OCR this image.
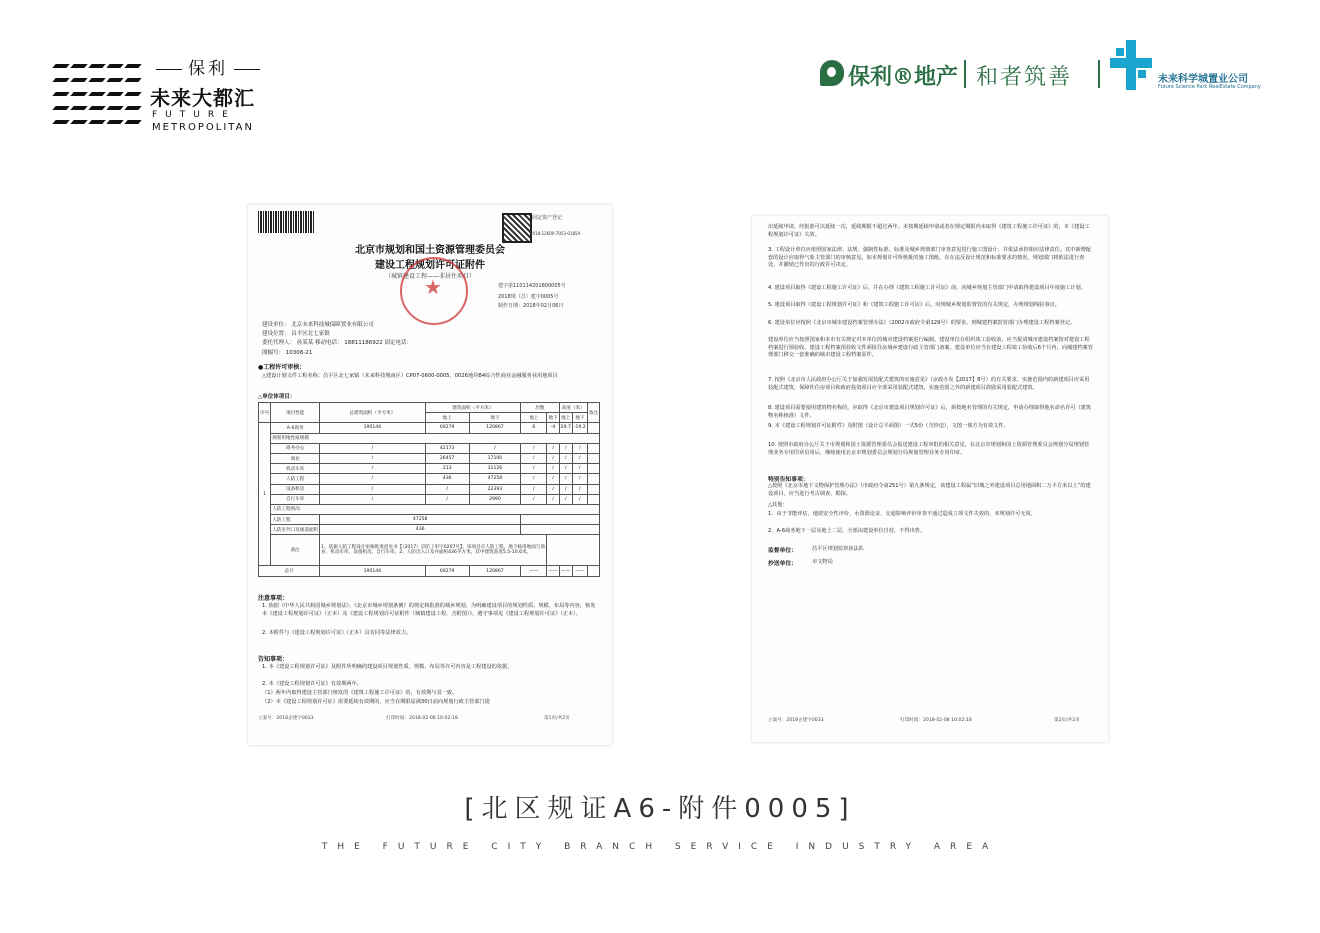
保利
未来大都汇
FUTURE
METROPOLITAN
保利®地产 和者筑善	未来科学城置业公司
Future Science Park RealEstate Company
固定资产登记
2018-12600-7053-0185A
北京市规划和国土资源管理委员会
建设工程规划许可证附件
（城镇建设工程——非居住项目）
★
建字第110114201800005号
2018规（昌）建字0005号
制作日期：2018年02月06日
建设单位： 北京未来科技城保障置业有限公司
建设位置： 昌平区北七家镇
委托代理人： 孙某某 移动电话： 18811186922 固定电话：
图幅号： 10308-21
●工程许可审核：
△建设计划文件工程名称：昌平区北七家镇（未来科技城南区）CP07-0600-0005、0026地块B4综合性商业金融服务业用地项目
△单位体项目：
序号	项目性能	总建筑面积（平方米）	建筑面积（平方米）		层数		高度（米）		备注
			地上	地下	地上	地下	地上	地下	
1	A-6商务	190146	69279	120867	6	-4	29.7	-19.2	
	规划用地性质规模								
	商务办公	/	42173	/	/	/	/	/	
	商业	/	26457	17100	/	/	/	/	
	机动车库	/	213	31126	/	/	/	/	
	人防工程	/	436	47258	/	/	/	/	
	设备机房	/	/	22393	/	/	/	/	
	自行车库	/	/	2990	/	/	/	/	
	人防工程情况：								
	人防工程	47258							
	人防室外口及通道面积	436							
	备注	1、依据人防工程设计审核批准意见书【（2017）京防工审字0207号】，该项目应人防工程。地下核用地面与商业、机动车库、设备机房、自行车库。2、人防出入口及并面积436平方米，其中建筑高度5.5-10.6米。							

总计		190146	69279	120867	——	——	——	——	
注意事项：
1. 依据《中华人民共和国城乡规划法》、《北京市城乡规划条例》的规定和批准的城乡规划，为明确建设项目的规划性质、规模、布局等内容，核发本《建设工程规划许可证》（正本）及《建设工程规划许可证附件（城镇建设工程、含附图）》。遵守事项见《建设工程规划许可证》（正本）。
2. 本附件与《建设工程规划许可证》（正本）具有同等法律效力。
告知事项：
1. 本《建设工程规划许可证》及附件所明确的建设项目规划性质、规模、布局等许可内容是工程建设的依据。
2. 本《建设工程规划许可证》有效期两年。
（1）两年内取得建设主管部门核发的《建筑工程施工许可证》的，有效期与其一致。
（2）本《建设工程规划许可证》需要延续有效期的，应当在期限届满30日前向规划行政主管部门提
立案号：2018企建字0033	打印时间：2018-02-08 10:02:18	第1页/共2页
出延续申请，经批准可以延续一次，延续期限不超过两年。未按期延续申请或者在规定期限内未取得《建筑工程施工许可证》的，本《建设工程规划许可证》失效。
3. 工程设计单位应依照国家法律、法规、强制性标准、标准及城乡规划部门审查意见进行施工图设计，并依法承担相应法律责任。其中新增配套的设计应取得气象主管部门的审核意见。如本规划许可所核批的施工图纸，存在违反设计规范和标准要求的情况，规划部门将依法进行查处，并撤销已作出的行政许可决定。
4. 建设项目取得《建设工程施工许可证》后，并在办理《建筑工程施工许可证》前，向城乡规划主管部门申请取得建设项目年度施工计划。
5. 建设项目取得《建设工程规划许可证》和《建筑工程施工许可证》后，向规城乡规划监督管的有关规定，办理规划线验事宜。
6. 建设单位应按照《北京市城市建设档案管理办法》（2002市政府令第129号）的要求，到城建档案馆管部门办理建设工程档案登记。
建设单位应当按照国家和本市有关规定对本单位的城市建设档案进行编制。建设单位在组织竣工验收前，应当提请城市建设档案馆对建设工程档案进行预验收。建设工程档案预验收文件须报住房城乡建设行政主管部门备案。建设单位应当在建设工程竣工验收后6个月内，向城建档案管理部门移交一套准确的城市建设工程档案原件。
7. 按照《北京市人民政府办公厅关于加强发展装配式建筑的实施意见》（京政办发【2017】8号）的有关要求，实施范围内的新建项目应采用装配式建筑，保障性住房项目和政府投资项目应全部采用装配式建筑，实施范围之外的新建项目鼓励采用装配式建筑。
8. 建设项目需要使用建筑物名称的，应取得《北京市建设项目规划许可证》后，须按地名管理的有关规定，申请办理取得地名命名许可（建筑物名称核准）文件。
9. 本《建设工程规划许可证附件》及附图（设计总平面图）一式5份（含抄送），文图一体方为有效文件。
10. 按照市政府办公厅关于市规划和国土资源管理委员会报送建设工程审批的相关意见，在北京市规划和国土资源管理委员会规划分局规划管理业务专用印章启用后，继续使用北京市规划委员会规划分局规划管理业务专用印章。
特别告知事项：
△按照《北京市地下文物保护管理办法》（市政府令第251号）第九条规定，该建设工程属“旧城之外建设项目总用地面积二万平方米以上”的建设项目，应当进行考古调查、勘探。
△其他：
1、由于节能评估、地震安全性评价、水资源论证、交通影响评价审查不通过造成立项文件失效的，本规划许可无效。
2、A-6商务地下一层及地上二层，全部由建设单位自持，不得出售。
监督单位：	昌平区规划监察执法队
抄送单位：	市文物局
立案号：2018企建字0033	打印时间：2018-02-08 10:02:18	第2页/共2页
[北区规证A6-附件0005]
THE FUTURE CITY BRANCH SERVICE INDUSTRY AREA
